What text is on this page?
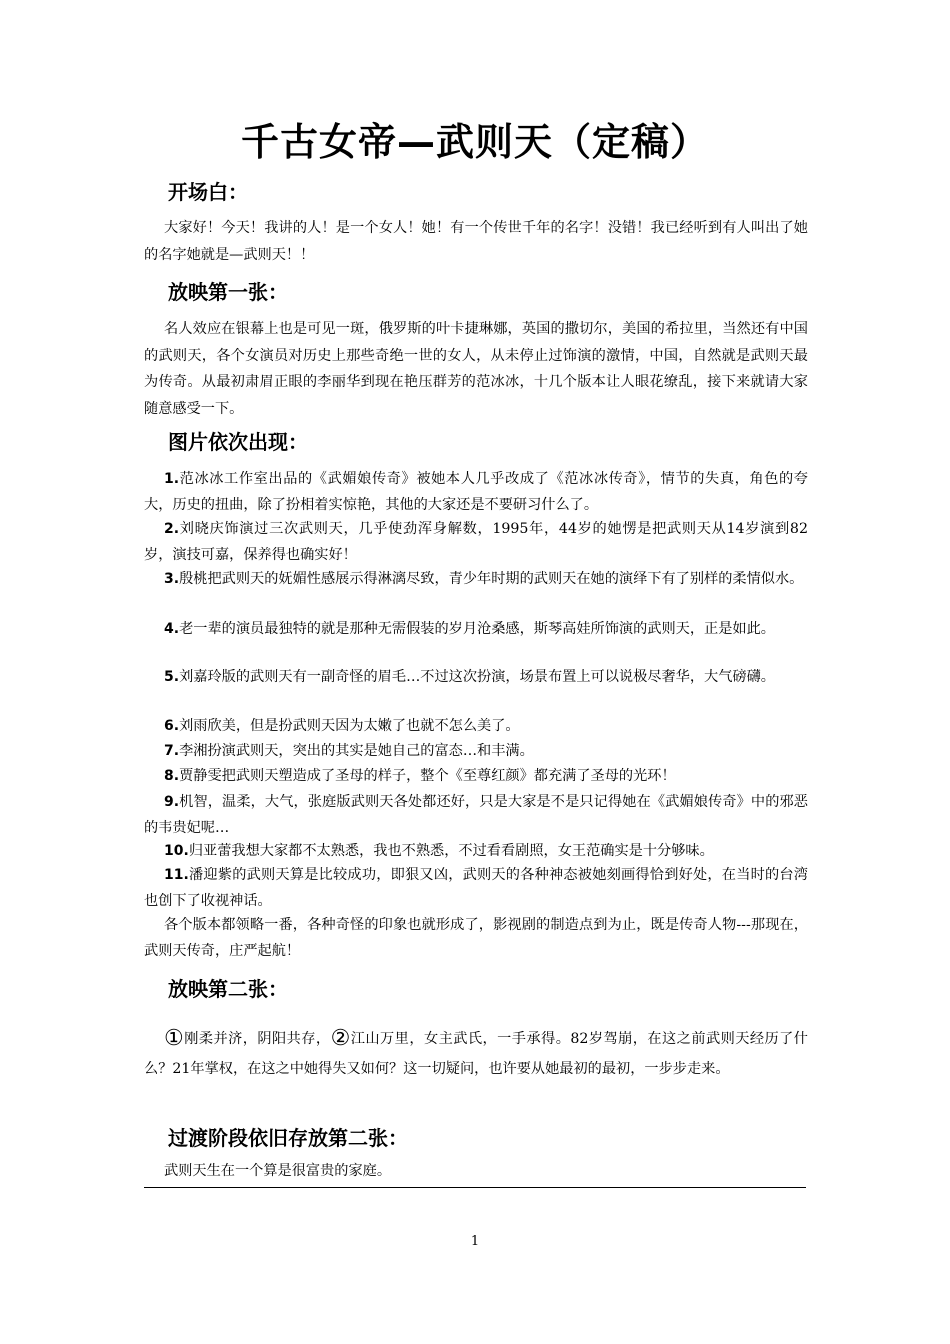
千古女帝—武则天（定稿）
开场白：
大家好！今天！我讲的人！是一个女人！她！有一个传世千年的名字！没错！我已经听到有人叫出了她的名字她就是—武则天！！
放映第一张：
名人效应在银幕上也是可见一斑，俄罗斯的叶卡捷琳娜，英国的撒切尔，美国的希拉里，当然还有中国的武则天，各个女演员对历史上那些奇绝一世的女人，从未停止过饰演的激情，中国，自然就是武则天最为传奇。从最初肃眉正眼的李丽华到现在艳压群芳的范冰冰，十几个版本让人眼花缭乱，接下来就请大家随意感受一下。
图片依次出现：
1.范冰冰工作室出品的《武媚娘传奇》被她本人几乎改成了《范冰冰传奇》，情节的失真，角色的夸大，历史的扭曲，除了扮相着实惊艳，其他的大家还是不要研习什么了。
2.刘晓庆饰演过三次武则天，几乎使劲浑身解数，1995年，44岁的她愣是把武则天从14岁演到82岁，演技可嘉，保养得也确实好！
3.殷桃把武则天的妩媚性感展示得淋漓尽致，青少年时期的武则天在她的演绎下有了别样的柔情似水。
4.老一辈的演员最独特的就是那种无需假装的岁月沧桑感，斯琴高娃所饰演的武则天，正是如此。
5.刘嘉玲版的武则天有一副奇怪的眉毛…不过这次扮演，场景布置上可以说极尽奢华，大气磅礴。
6.刘雨欣美，但是扮武则天因为太嫩了也就不怎么美了。
7.李湘扮演武则天，突出的其实是她自己的富态…和丰满。
8.贾静雯把武则天塑造成了圣母的样子，整个《至尊红颜》都充满了圣母的光环！
9.机智，温柔，大气，张庭版武则天各处都还好，只是大家是不是只记得她在《武媚娘传奇》中的邪恶的韦贵妃呢…
10.归亚蕾我想大家都不太熟悉，我也不熟悉，不过看看剧照，女王范确实是十分够味。
11.潘迎紫的武则天算是比较成功，即狠又凶，武则天的各种神态被她刻画得恰到好处，在当时的台湾也创下了收视神话。
各个版本都领略一番，各种奇怪的印象也就形成了，影视剧的制造点到为止，既是传奇人物---那现在，武则天传奇，庄严起航！
放映第二张：
①刚柔并济，阴阳共存，②江山万里，女主武氏，一手承得。82岁驾崩，在这之前武则天经历了什么？21年掌权，在这之中她得失又如何？这一切疑问，也许要从她最初的最初，一步步走来。
过渡阶段依旧存放第二张：
武则天生在一个算是很富贵的家庭。
1
